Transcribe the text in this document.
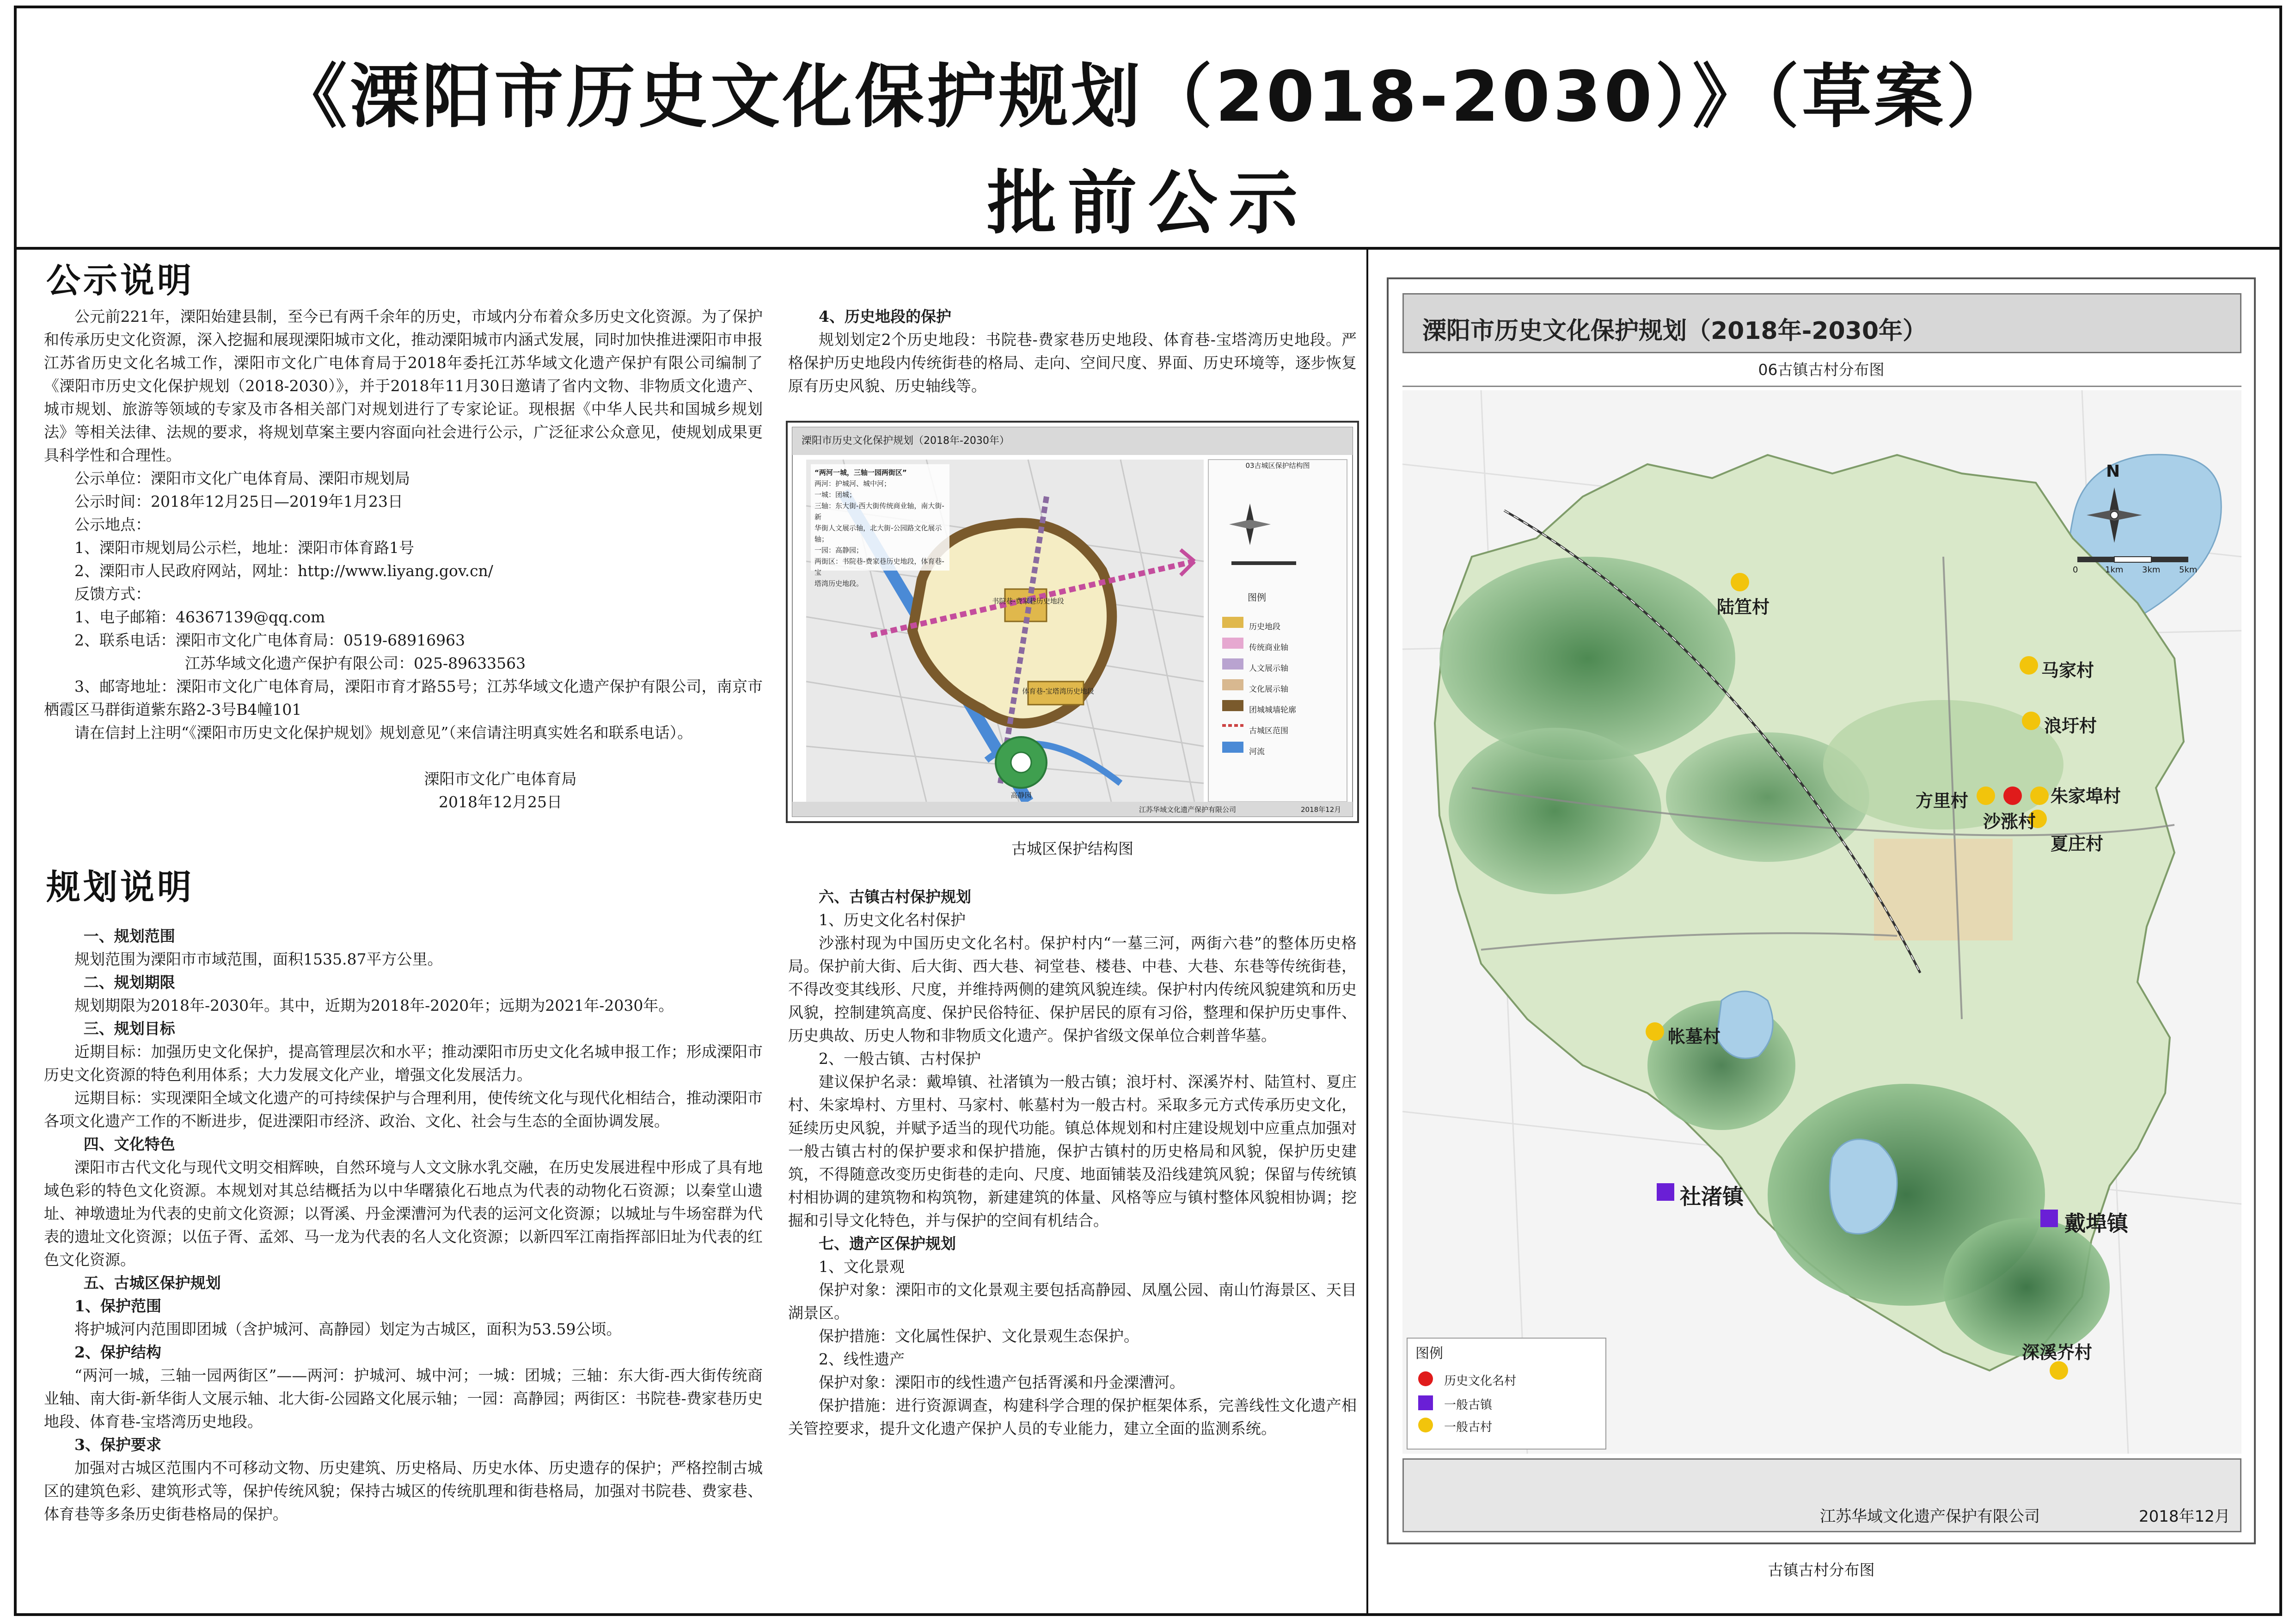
《溧阳市历史文化保护规划（2018-2030）》（草案）
批前公示
公示说明

公元前221年，溧阳始建县制，至今已有两千余年的历史，市域内分布着众多历史文化资源。为了保护和传承历史文化资源，深入挖掘和展现溧阳城市文化，推动溧阳城市内涵式发展，同时加快推进溧阳市申报江苏省历史文化名城工作，溧阳市文化广电体育局于2018年委托江苏华域文化遗产保护有限公司编制了《溧阳市历史文化保护规划（2018-2030）》，并于2018年11月30日邀请了省内文物、非物质文化遗产、城市规划、旅游等领域的专家及市各相关部门对规划进行了专家论证。现根据《中华人民共和国城乡规划法》等相关法律、法规的要求，将规划草案主要内容面向社会进行公示，广泛征求公众意见，使规划成果更具科学性和合理性。

公示单位：溧阳市文化广电体育局、溧阳市规划局

公示时间：2018年12月25日—2019年1月23日

公示地点：

1、溧阳市规划局公示栏，地址：溧阳市体育路1号

2、溧阳市人民政府网站，网址：http://www.liyang.gov.cn/

反馈方式：

1、电子邮箱：46367139@qq.com

2、联系电话：溧阳市文化广电体育局：0519-68916963

江苏华域文化遗产保护有限公司：025-89633563

3、邮寄地址：溧阳市文化广电体育局，溧阳市育才路55号；江苏华域文化遗产保护有限公司，南京市栖霞区马群街道紫东路2-3号B4幢101

请在信封上注明“《溧阳市历史文化保护规划》规划意见”（来信请注明真实姓名和联系电话）。

溧阳市文化广电体育局

2018年12月25日

规划说明

一、规划范围

规划范围为溧阳市市域范围，面积1535.87平方公里。

二、规划期限

规划期限为2018年-2030年。其中，近期为2018年-2020年；远期为2021年-2030年。

三、规划目标

近期目标：加强历史文化保护，提高管理层次和水平；推动溧阳市历史文化名城申报工作；形成溧阳市历史文化资源的特色利用体系；大力发展文化产业，增强文化发展活力。

远期目标：实现溧阳全域文化遗产的可持续保护与合理利用，使传统文化与现代化相结合，推动溧阳市各项文化遗产工作的不断进步，促进溧阳市经济、政治、文化、社会与生态的全面协调发展。

四、文化特色

溧阳市古代文化与现代文明交相辉映，自然环境与人文文脉水乳交融，在历史发展进程中形成了具有地域色彩的特色文化资源。本规划对其总结概括为以中华曙猿化石地点为代表的动物化石资源；以秦堂山遗址、神墩遗址为代表的史前文化资源；以胥溪、丹金溧漕河为代表的运河文化资源；以城址与牛场窑群为代表的遗址文化资源；以伍子胥、孟郊、马一龙为代表的名人文化资源；以新四军江南指挥部旧址为代表的红色文化资源。

五、古城区保护规划

1、保护范围

将护城河内范围即团城（含护城河、高静园）划定为古城区，面积为53.59公顷。

2、保护结构

“两河一城，三轴一园两街区”——两河：护城河、城中河；一城：团城；三轴：东大街-西大街传统商业轴、南大街-新华街人文展示轴、北大街-公园路文化展示轴；一园：高静园；两街区：书院巷-费家巷历史地段、体育巷-宝塔湾历史地段。

3、保护要求

加强对古城区范围内不可移动文物、历史建筑、历史格局、历史水体、历史遗存的保护；严格控制古城区的建筑色彩、建筑形式等，保护传统风貌；保持古城区的传统肌理和街巷格局，加强对书院巷、费家巷、体育巷等多条历史街巷格局的保护。

4、历史地段的保护

规划划定2个历史地段：书院巷-费家巷历史地段、体育巷-宝塔湾历史地段。严格保护历史地段内传统街巷的格局、走向、空间尺度、界面、历史环境等，逐步恢复原有历史风貌、历史轴线等。

溧阳市历史文化保护规划（2018年-2030年）
03古城区保护结构图
“两河一城，三轴一园两街区”
两河：护城河、城中河；
一城：团城；
三轴：东大街-西大街传统商业轴，南大街-新
华街人文展示轴，北大街-公园路文化展示轴；
一园：高静园；
两街区：书院巷-费家巷历史地段，体育巷-宝
塔湾历史地段。
书院巷-费家巷历史地段
体育巷-宝塔湾历史地段
高静园
图例
历史地段
传统商业轴
人文展示轴
文化展示轴
团城城墙轮廓
古城区范围
河流
江苏华域文化遗产保护有限公司	2018年12月
古城区保护结构图

六、古镇古村保护规划

1、历史文化名村保护

沙涨村现为中国历史文化名村。保护村内“一墓三河，两街六巷”的整体历史格局。保护前大街、后大街、西大巷、祠堂巷、楼巷、中巷、大巷、东巷等传统街巷，不得改变其线形、尺度，并维持两侧的建筑风貌连续。保护村内传统风貌建筑和历史风貌，控制建筑高度、保护民俗特征、保护居民的原有习俗，整理和保护历史事件、历史典故、历史人物和非物质文化遗产。保护省级文保单位合剌普华墓。

2、一般古镇、古村保护

建议保护名录：戴埠镇、社渚镇为一般古镇；浪圩村、深溪岕村、陆笪村、夏庄村、朱家埠村、方里村、马家村、帐墓村为一般古村。采取多元方式传承历史文化，延续历史风貌，并赋予适当的现代功能。镇总体规划和村庄建设规划中应重点加强对一般古镇古村的保护要求和保护措施，保护古镇村的历史格局和风貌，保护历史建筑，不得随意改变历史街巷的走向、尺度、地面铺装及沿线建筑风貌；保留与传统镇村相协调的建筑物和构筑物，新建建筑的体量、风格等应与镇村整体风貌相协调；挖掘和引导文化特色，并与保护的空间有机结合。

七、遗产区保护规划

1、文化景观

保护对象：溧阳市的文化景观主要包括高静园、凤凰公园、南山竹海景区、天目湖景区。

保护措施：文化属性保护、文化景观生态保护。

2、线性遗产

保护对象：溧阳市的线性遗产包括胥溪和丹金溧漕河。

保护措施：进行资源调查，构建科学合理的保护框架体系，完善线性文化遗产相关管控要求，提升文化遗产保护人员的专业能力，建立全面的监测系统。

溧阳市历史文化保护规划（2018年-2030年）
06古镇古村分布图
N
0	1km 3km 5km
陆笪村
马家村
浪圩村
方里村
沙涨村
朱家埠村
夏庄村
帐墓村
社渚镇
戴埠镇
深溪岕村
图例
历史文化名村
一般古镇
一般古村
江苏华域文化遗产保护有限公司	2018年12月
古镇古村分布图
